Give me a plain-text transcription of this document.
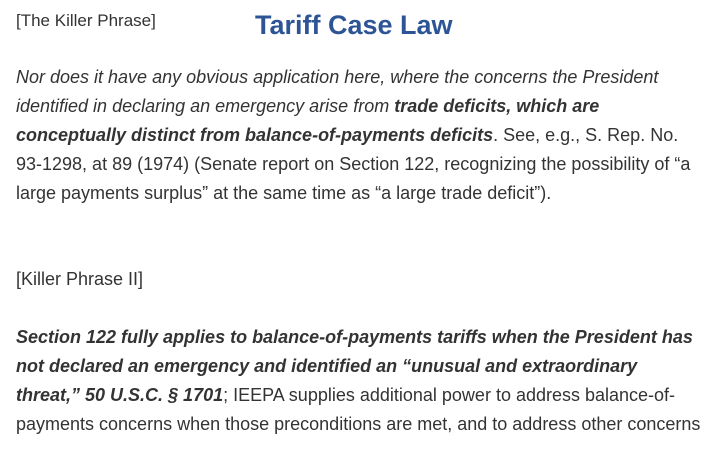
[The Killer Phrase]	Tariff Case Law

Nor does it have any obvious application here, where the concerns the President identified in declaring an emergency arise from trade deficits, which are conceptually distinct from balance-of-payments deficits. See, e.g., S. Rep. No. 93-1298, at 89 (1974) (Senate report on Section 122, recognizing the possibility of “a large payments surplus” at the same time as “a large trade deficit”).

[Killer Phrase II]

Section 122 fully applies to balance-of-payments tariffs when the President has not declared an emergency and identified an “unusual and extraordinary threat,” 50 U.S.C. § 1701; IEEPA supplies additional power to address balance-of-payments concerns when those preconditions are met, and to address other concerns
